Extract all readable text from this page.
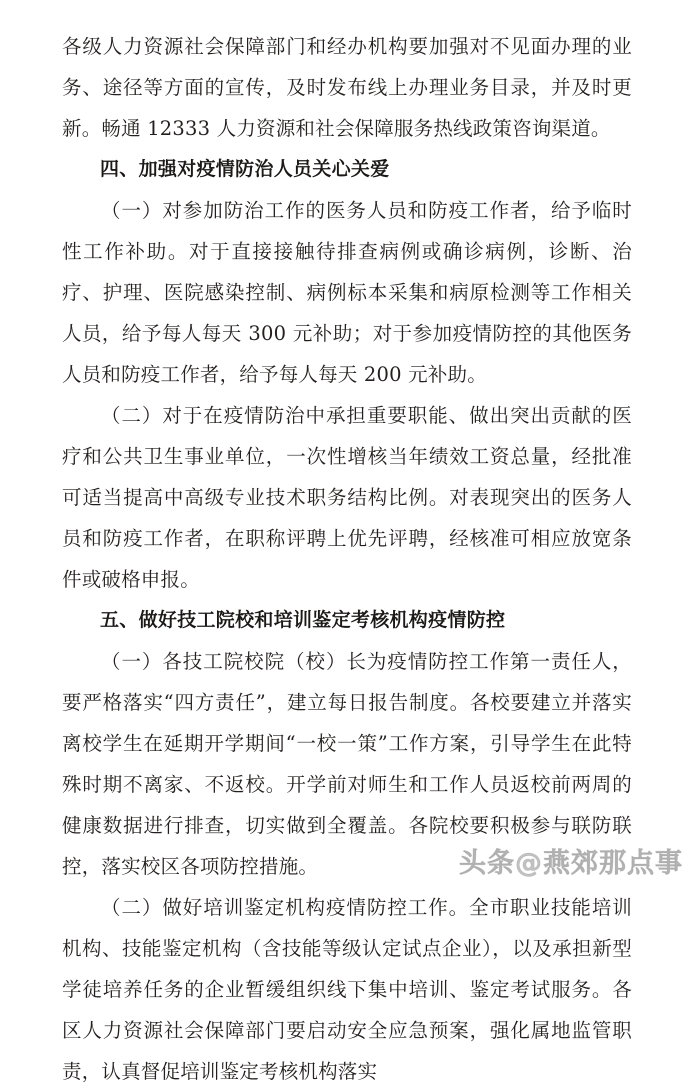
各级人力资源社会保障部门和经办机构要加强对不见面办理的业务、途径等方面的宣传，及时发布线上办理业务目录，并及时更新。畅通 12333 人力资源和社会保障服务热线政策咨询渠道。

四、加强对疫情防治人员关心关爱

（一）对参加防治工作的医务人员和防疫工作者，给予临时性工作补助。对于直接接触待排查病例或确诊病例，诊断、治疗、护理、医院感染控制、病例标本采集和病原检测等工作相关人员，给予每人每天 300 元补助；对于参加疫情防控的其他医务人员和防疫工作者，给予每人每天 200 元补助。

（二）对于在疫情防治中承担重要职能、做出突出贡献的医疗和公共卫生事业单位，一次性增核当年绩效工资总量，经批准可适当提高中高级专业技术职务结构比例。对表现突出的医务人员和防疫工作者，在职称评聘上优先评聘，经核准可相应放宽条件或破格申报。

五、做好技工院校和培训鉴定考核机构疫情防控

（一）各技工院校院（校）长为疫情防控工作第一责任人，要严格落实“四方责任”，建立每日报告制度。各校要建立并落实离校学生在延期开学期间“一校一策”工作方案，引导学生在此特殊时期不离家、不返校。开学前对师生和工作人员返校前两周的健康数据进行排查，切实做到全覆盖。各院校要积极参与联防联控，落实校区各项防控措施。

（二）做好培训鉴定机构疫情防控工作。全市职业技能培训机构、技能鉴定机构（含技能等级认定试点企业），以及承担新型学徒培养任务的企业暂缓组织线下集中培训、鉴定考试服务。各区人力资源社会保障部门要启动安全应急预案，强化属地监管职责，认真督促培训鉴定考核机构落实

头条@燕郊那点事
